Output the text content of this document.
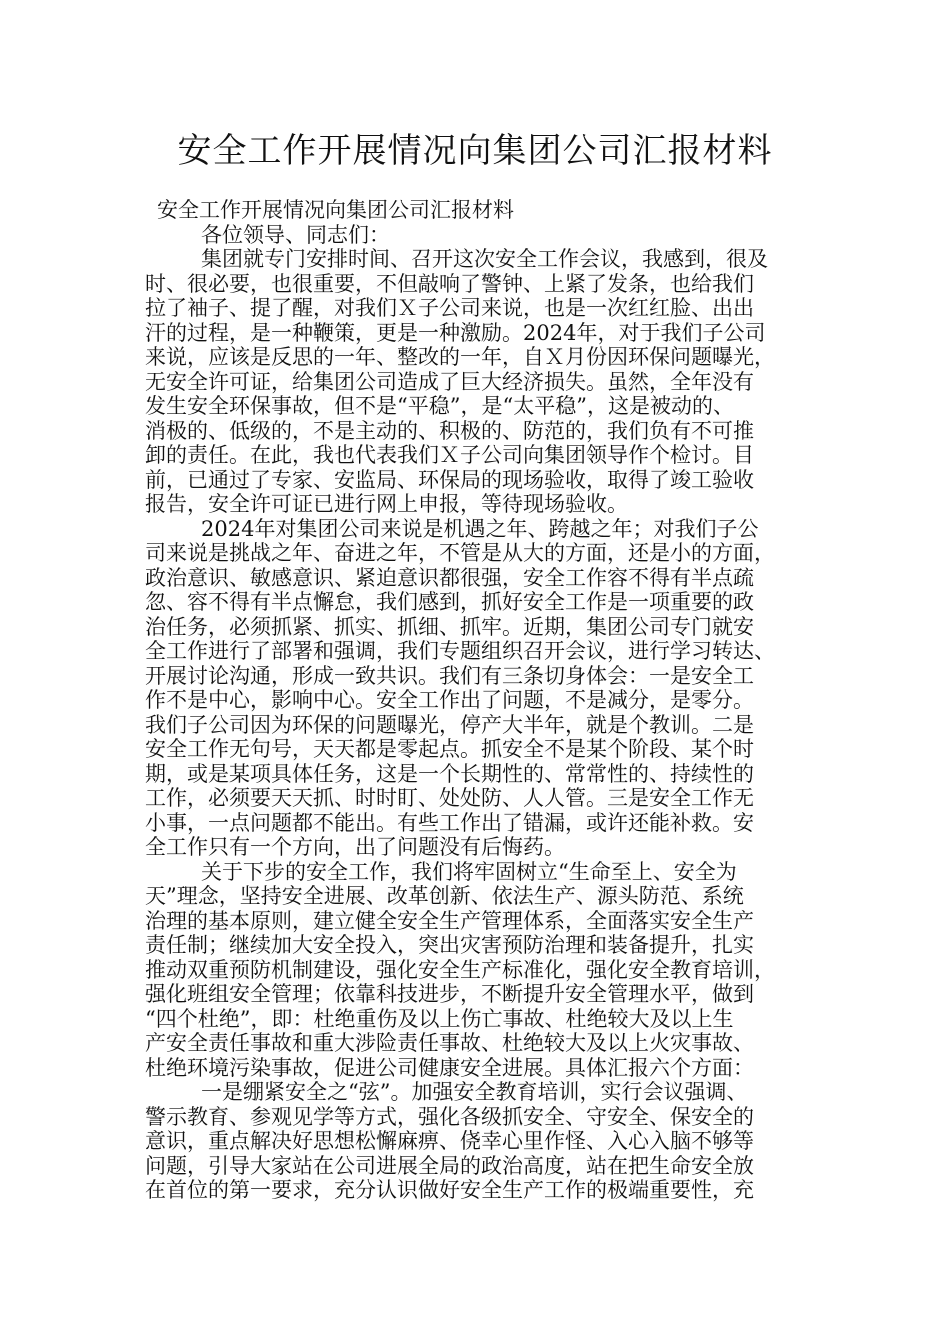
安全工作开展情况向集团公司汇报材料
安全工作开展情况向集团公司汇报材料
各位领导、同志们：
集团就专门安排时间、召开这次安全工作会议，我感到，很及
时、很必要，也很重要，不但敲响了警钟、上紧了发条，也给我们
拉了袖子、提了醒，对我们Ｘ子公司来说，也是一次红红脸、出出
汗的过程，是一种鞭策，更是一种激励。2024年，对于我们子公司
来说，应该是反思的一年、整改的一年，自Ｘ月份因环保问题曝光，
无安全许可证，给集团公司造成了巨大经济损失。虽然，全年没有
发生安全环保事故，但不是“平稳”，是“太平稳”，这是被动的、
消极的、低级的，不是主动的、积极的、防范的，我们负有不可推
卸的责任。在此，我也代表我们Ｘ子公司向集团领导作个检讨。目
前，已通过了专家、安监局、环保局的现场验收，取得了竣工验收
报告，安全许可证已进行网上申报，等待现场验收。
2024年对集团公司来说是机遇之年、跨越之年；对我们子公
司来说是挑战之年、奋进之年，不管是从大的方面，还是小的方面，
政治意识、敏感意识、紧迫意识都很强，安全工作容不得有半点疏
忽、容不得有半点懈怠，我们感到，抓好安全工作是一项重要的政
治任务，必须抓紧、抓实、抓细、抓牢。近期，集团公司专门就安
全工作进行了部署和强调，我们专题组织召开会议，进行学习转达、
开展讨论沟通，形成一致共识。我们有三条切身体会：一是安全工
作不是中心，影响中心。安全工作出了问题，不是减分，是零分。
我们子公司因为环保的问题曝光，停产大半年，就是个教训。二是
安全工作无句号，天天都是零起点。抓安全不是某个阶段、某个时
期，或是某项具体任务，这是一个长期性的、常常性的、持续性的
工作，必须要天天抓、时时盯、处处防、人人管。三是安全工作无
小事，一点问题都不能出。有些工作出了错漏，或许还能补救。安
全工作只有一个方向，出了问题没有后悔药。
关于下步的安全工作，我们将牢固树立“生命至上、安全为
天”理念，坚持安全进展、改革创新、依法生产、源头防范、系统
治理的基本原则，建立健全安全生产管理体系，全面落实安全生产
责任制；继续加大安全投入，突出灾害预防治理和装备提升，扎实
推动双重预防机制建设，强化安全生产标准化，强化安全教育培训，
强化班组安全管理；依靠科技进步，不断提升安全管理水平，做到
“四个杜绝”，即：杜绝重伤及以上伤亡事故、杜绝较大及以上生
产安全责任事故和重大涉险责任事故、杜绝较大及以上火灾事故、
杜绝环境污染事故，促进公司健康安全进展。具体汇报六个方面：
一是绷紧安全之“弦”。加强安全教育培训，实行会议强调、
警示教育、参观见学等方式，强化各级抓安全、守安全、保安全的
意识，重点解决好思想松懈麻痹、侥幸心里作怪、入心入脑不够等
问题，引导大家站在公司进展全局的政治高度，站在把生命安全放
在首位的第一要求，充分认识做好安全生产工作的极端重要性，充
